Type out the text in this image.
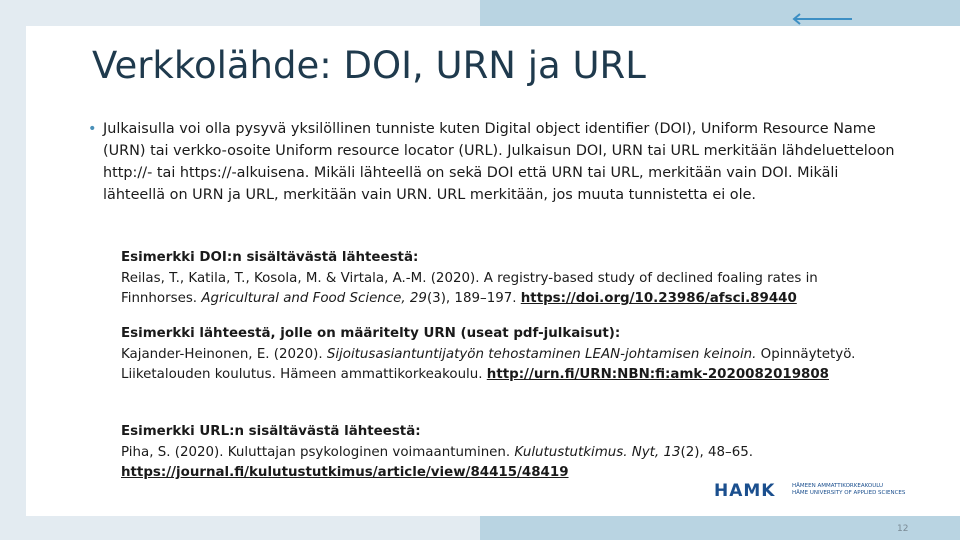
Verkkolähde: DOI, URN ja URL
• Julkaisulla voi olla pysyvä yksilöllinen tunniste kuten Digital object identifier (DOI), Uniform Resource Name (URN) tai verkko-osoite Uniform resource locator (URL). Julkaisun DOI, URN tai URL merkitään lähdeluetteloon http://- tai https://-alkuisena. Mikäli lähteellä on sekä DOI että URN tai URL, merkitään vain DOI. Mikäli lähteellä on URN ja URL, merkitään vain URN. URL merkitään, jos muuta tunnistetta ei ole.
Esimerkki DOI:n sisältävästä lähteestä:
Reilas, T., Katila, T., Kosola, M. & Virtala, A.-M. (2020). A registry-based study of declined foaling rates in Finnhorses. Agricultural and Food Science, 29(3), 189–197. https://doi.org/10.23986/afsci.89440
Esimerkki lähteestä, jolle on määritelty URN (useat pdf-julkaisut):
Kajander-Heinonen, E. (2020). Sijoitusasiantuntijatyön tehostaminen LEAN-johtamisen keinoin. Opinnäytetyö. Liiketalouden koulutus. Hämeen ammattikorkeakoulu. http://urn.fi/URN:NBN:fi:amk-2020082019808
Esimerkki URL:n sisältävästä lähteestä:
Piha, S. (2020). Kuluttajan psykologinen voimaantuminen. Kulutustutkimus. Nyt, 13(2), 48–65. https://journal.fi/kulutustutkimus/article/view/84415/48419
HAMK	HÄMEEN AMMATTIKORKEAKOULU
HÄME UNIVERSITY OF APPLIED SCIENCES
12
